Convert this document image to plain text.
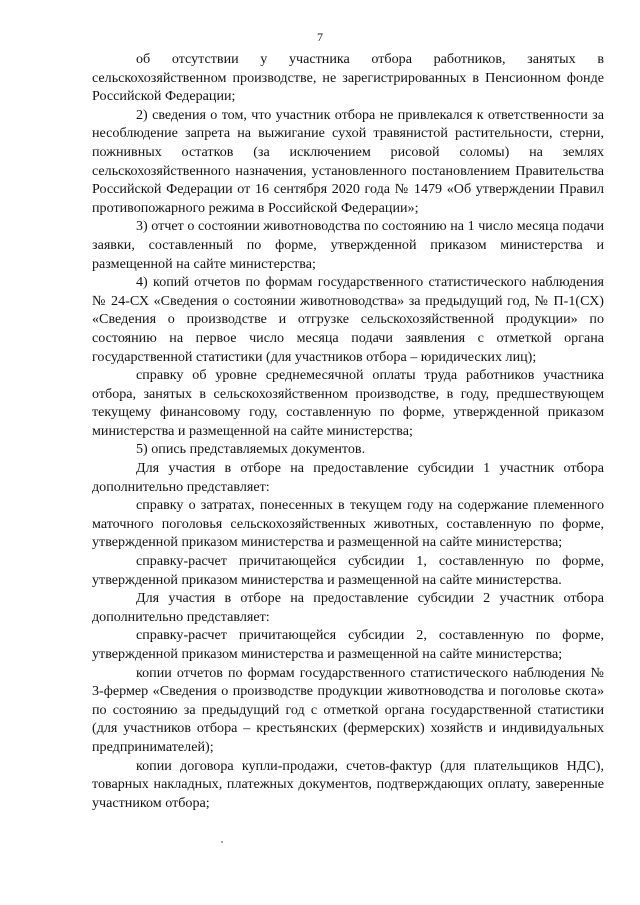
7

об отсутствии у участника отбора работников, занятых в сельскохозяйственном производстве, не зарегистрированных в Пенсионном фонде Российской Федерации;

2) сведения о том, что участник отбора не привлекался к ответственности за несоблюдение запрета на выжигание сухой травянистой растительности, стерни, пожнивных остатков (за исключением рисовой соломы) на землях сельскохозяйственного назначения, установленного постановлением Правительства Российской Федерации от 16 сентября 2020 года № 1479 «Об утверждении Правил противопожарного режима в Российской Федерации»;

3) отчет о состоянии животноводства по состоянию на 1 число месяца подачи заявки, составленный по форме, утвержденной приказом министерства и размещенной на сайте министерства;

4) копий отчетов по формам государственного статистического наблюдения № 24-СХ «Сведения о состоянии животноводства» за предыдущий год, № П-1(СХ) «Сведения о производстве и отгрузке сельскохозяйственной продукции» по состоянию на первое число месяца подачи заявления с отметкой органа государственной статистики (для участников отбора – юридических лиц);

справку об уровне среднемесячной оплаты труда работников участника отбора, занятых в сельскохозяйственном производстве, в году, предшествующем текущему финансовому году, составленную по форме, утвержденной приказом министерства и размещенной на сайте министерства;

5) опись представляемых документов.

Для участия в отборе на предоставление субсидии 1 участник отбора дополнительно представляет:

справку о затратах, понесенных в текущем году на содержание племенного маточного поголовья сельскохозяйственных животных, составленную по форме, утвержденной приказом министерства и размещенной на сайте министерства;

справку-расчет причитающейся субсидии 1, составленную по форме, утвержденной приказом министерства и размещенной на сайте министерства.

Для участия в отборе на предоставление субсидии 2 участник отбора дополнительно представляет:

справку-расчет причитающейся субсидии 2, составленную по форме, утвержденной приказом министерства и размещенной на сайте министерства;

копии отчетов по формам государственного статистического наблюдения № 3-фермер «Сведения о производстве продукции животноводства и поголовье скота» по состоянию за предыдущий год с отметкой органа государственной статистики (для участников отбора – крестьянских (фермерских) хозяйств и индивидуальных предпринимателей);

копии договора купли-продажи, счетов-фактур (для плательщиков НДС), товарных накладных, платежных документов, подтверждающих оплату, заверенные участником отбора;
